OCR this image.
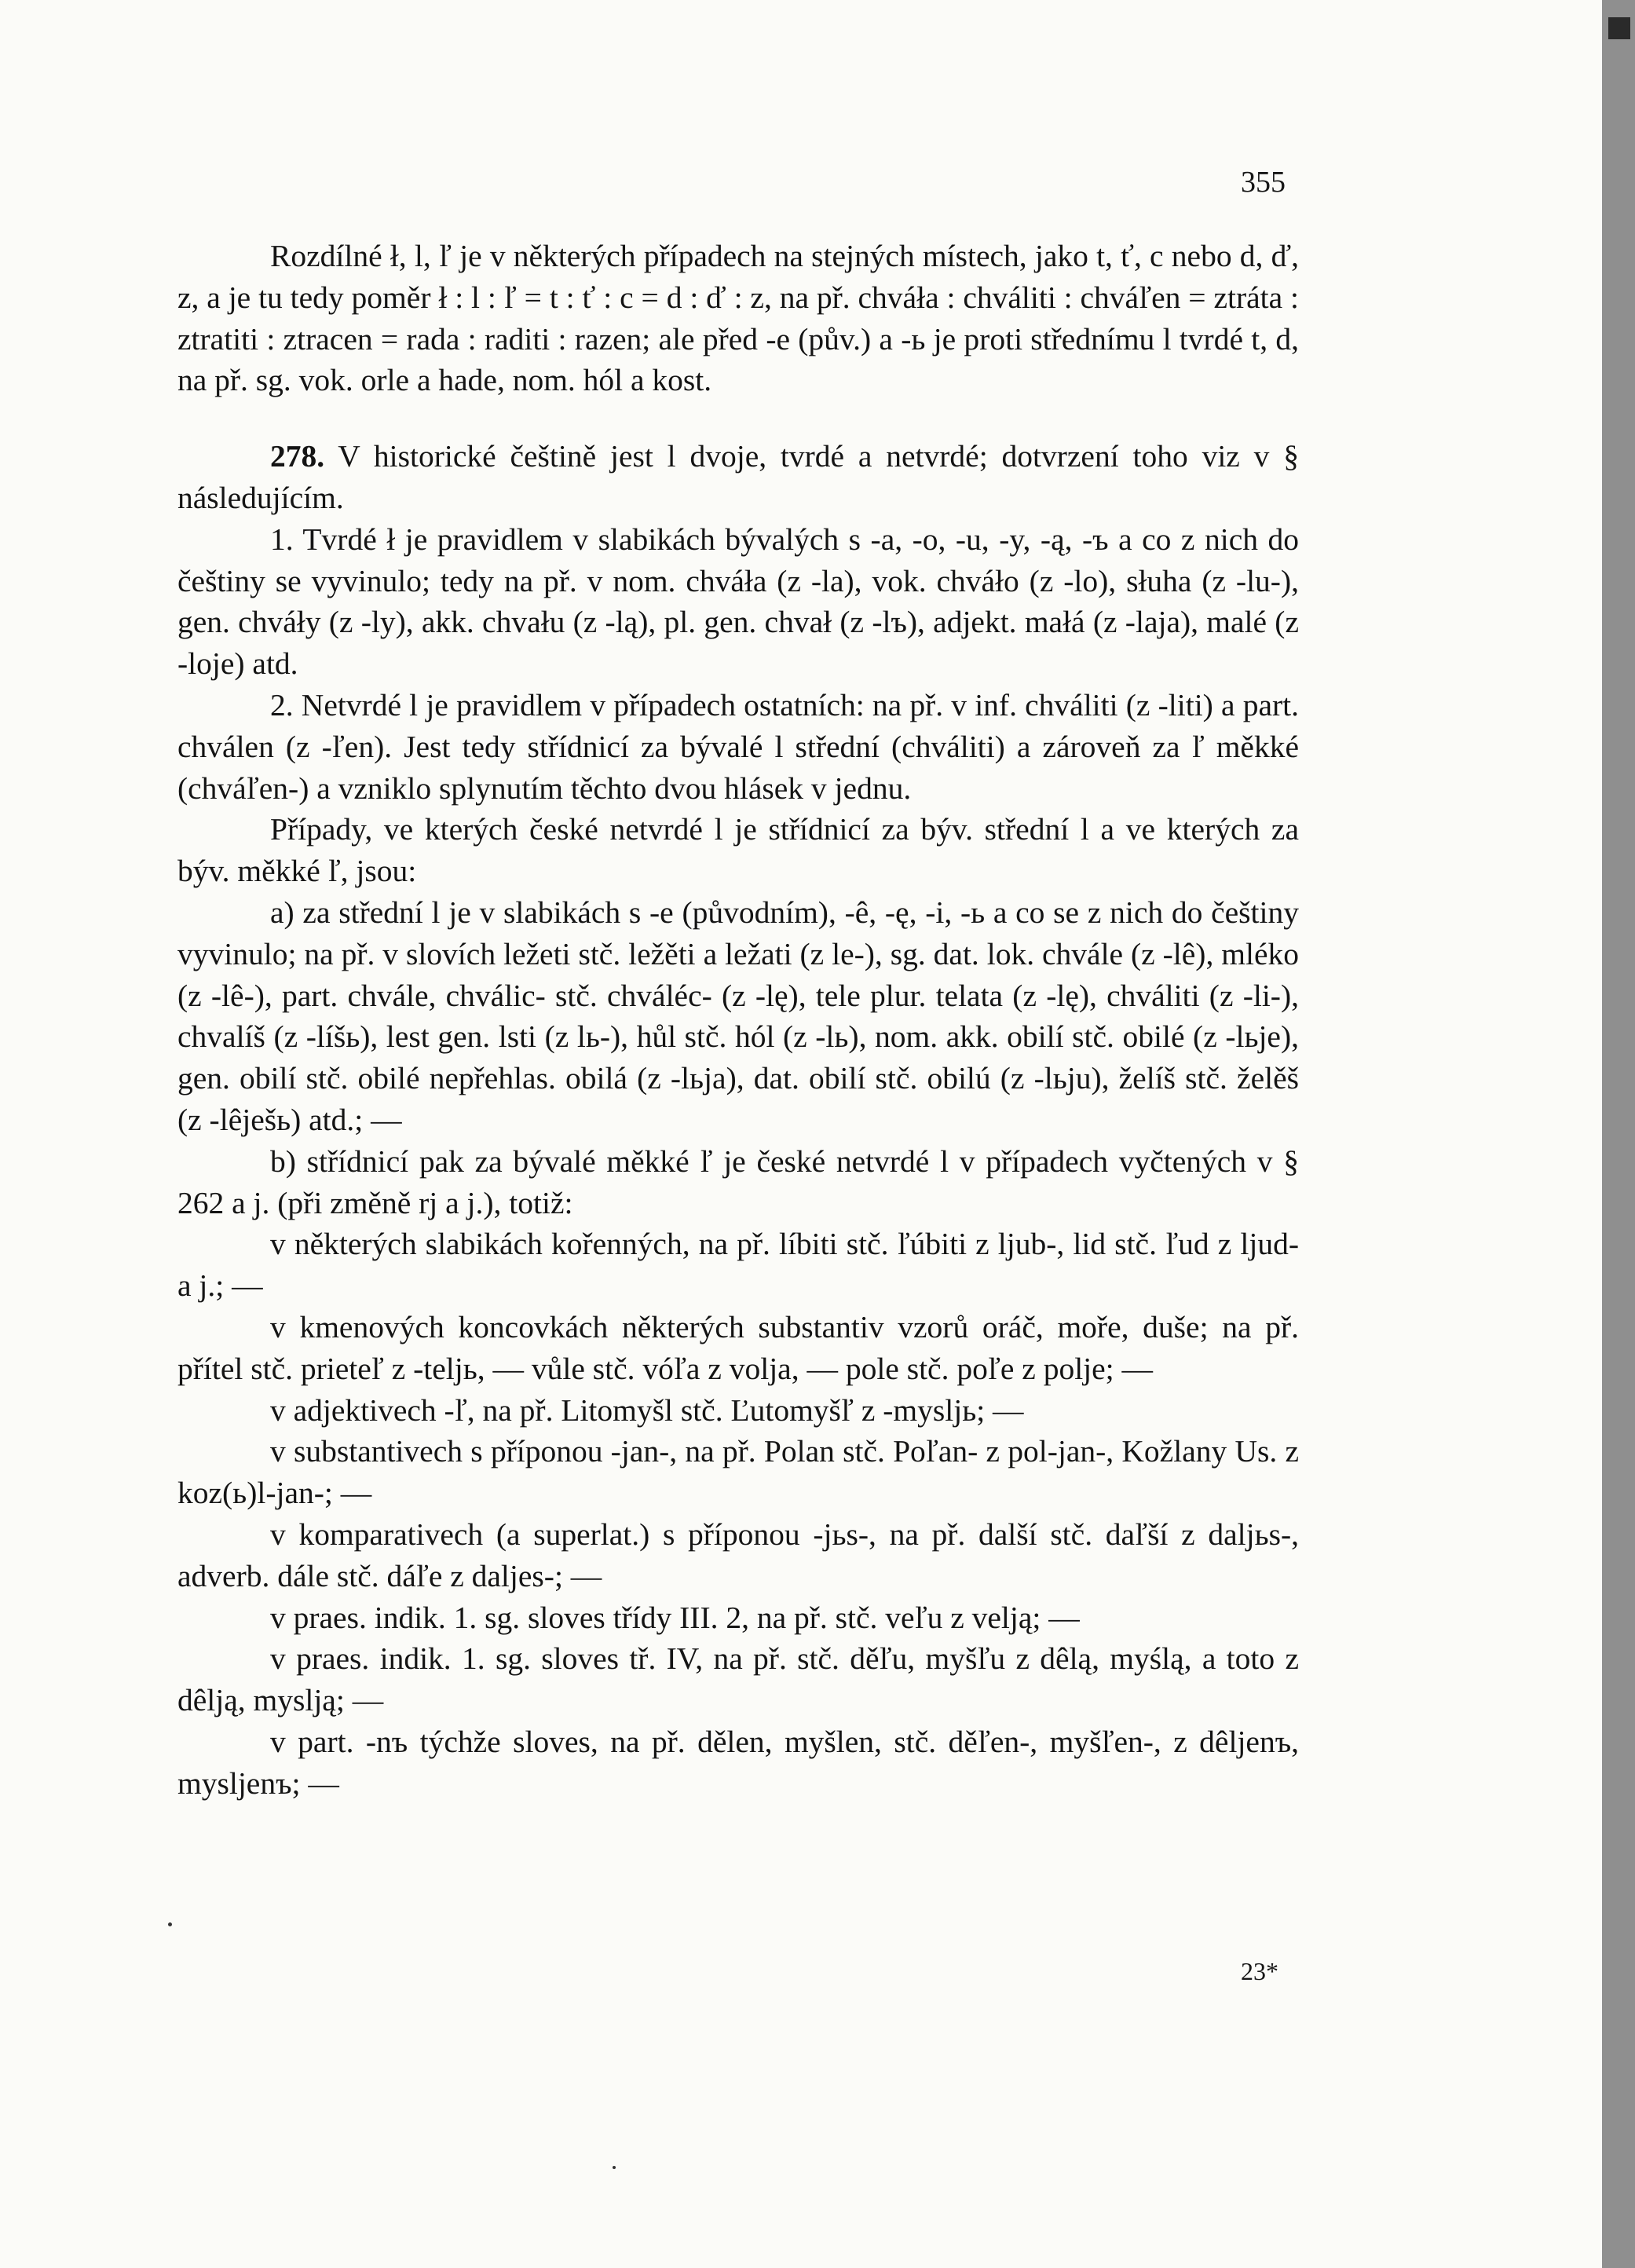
355

Rozdílné ł, l, ľ je v některých případech na stejných místech, jako t, ť, c nebo d, ď, z, a je tu tedy poměr ł : l : ľ = t : ť : c = d : ď : z, na př. chváła : chváliti : chváľen = ztráta : ztratiti : ztracen = rada : raditi : razen; ale před -e (pův.) a -ь je proti střednímu l tvrdé t, d, na př. sg. vok. orle a hade, nom. hól a kost.

278. V historické češtině jest l dvoje, tvrdé a netvrdé; dotvrzení toho viz v § následujícím.

1. Tvrdé ł je pravidlem v slabikách bývalých s -a, -o, -u, -y, -ą, -ъ a co z nich do češtiny se vyvinulo; tedy na př. v nom. chváła (z -la), vok. chváło (z -lo), słuha (z -lu-), gen. chváły (z -ly), akk. chvału (z -lą), pl. gen. chvał (z -lъ), adjekt. małá (z -laja), malé (z -loje) atd.

2. Netvrdé l je pravidlem v případech ostatních: na př. v inf. chváliti (z -liti) a part. chválen (z -ľen). Jest tedy střídnicí za bývalé l střední (chváliti) a zároveň za ľ měkké (chváľen-) a vzniklo splynutím těchto dvou hlásek v jednu.

Případy, ve kterých české netvrdé l je střídnicí za býv. střední l a ve kterých za býv. měkké ľ, jsou:

a) za střední l je v slabikách s -e (původním), -ê, -ę, -i, -ь a co se z nich do češtiny vyvinulo; na př. v slovích ležeti stč. ležěti a ležati (z le-), sg. dat. lok. chvále (z -lê), mléko (z -lê-), part. chvále, chválic- stč. chváléc- (z -lę), tele plur. telata (z -lę), chváliti (z -li-), chvalíš (z -líšь), lest gen. lsti (z lь-), hůl stč. hól (z -lь), nom. akk. obilí stč. obilé (z -lьje), gen. obilí stč. obilé nepřehlas. obilá (z -lьja), dat. obilí stč. obilú (z -lьju), želíš stč. želěš (z -lêješь) atd.; —

b) střídnicí pak za bývalé měkké ľ je české netvrdé l v případech vyčtených v § 262 a j. (při změně rj a j.), totiž:

v některých slabikách kořenných, na př. líbiti stč. ľúbiti z ljub-, lid stč. ľud z ljud- a j.; —

v kmenových koncovkách některých substantiv vzorů oráč, moře, duše; na př. přítel stč. prieteľ z -teljь, — vůle stč. vóľa z volja, — pole stč. poľe z polje; —

v adjektivech -ľ, na př. Litomyšl stč. Ľutomyšľ z -mysljь; —

v substantivech s příponou -jan-, na př. Polan stč. Poľan- z pol-jan-, Kožlany Us. z koz(ь)l-jan-; —

v komparativech (a superlat.) s příponou -jьs-, na př. další stč. daľší z daljьs-, adverb. dále stč. dáľe z daljes-; —

v praes. indik. 1. sg. sloves třídy III. 2, na př. stč. veľu z velją; —

v praes. indik. 1. sg. sloves tř. IV, na př. stč. děľu, myšľu z dêlą, myślą, a toto z dêlją, myslją; —

v part. -nъ týchže sloves, na př. dělen, myšlen, stč. děľen-, myšľen-, z dêljenъ, mysljenъ; —

23*
